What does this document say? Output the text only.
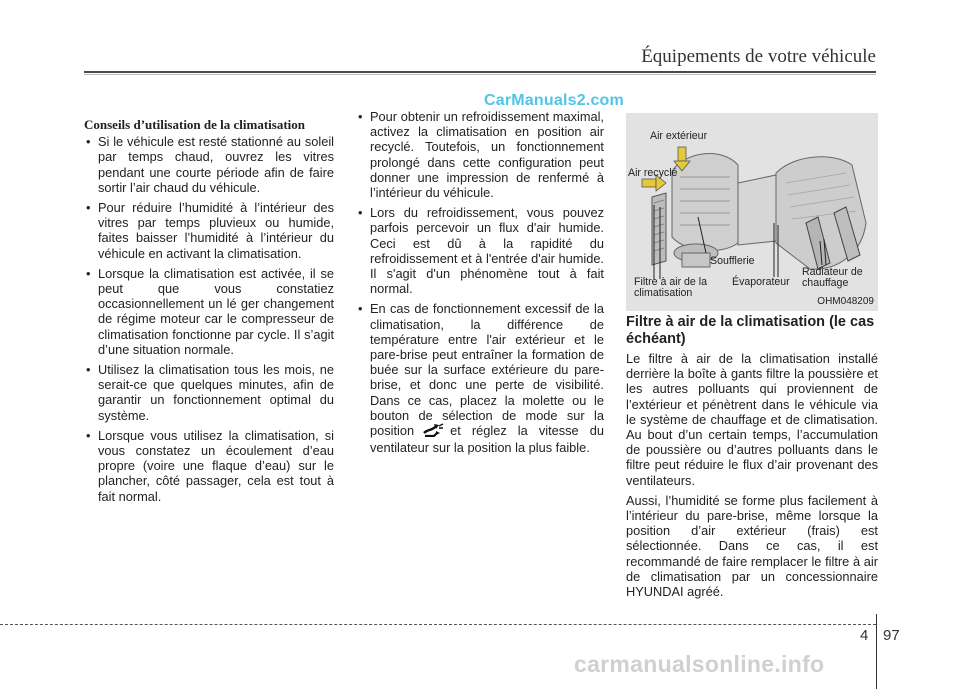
Équipements de votre véhicule
CarManuals2.com
Conseils d’utilisation de la climatisation
• Si le véhicule est resté stationné au soleil par temps chaud, ouvrez les vitres pendant une courte période afin de faire sortir l’air chaud du véhicule.
• Pour réduire l’humidité à l’intérieur des vitres par temps pluvieux ou humide, faites baisser l’humidité à l’intérieur du véhicule en activant la climatisation.
• Lorsque la climatisation est activée, il se peut que vous constatiez occasionnellement un lé ger changement de régime moteur car le compresseur de climatisation fonctionne par cycle. Il s’agit d’une situation normale.
• Utilisez la climatisation tous les mois, ne serait-ce que quelques minutes, afin de garantir un fonctionnement optimal du système.
• Lorsque vous utilisez la climatisation, si vous constatez un écoulement d’eau propre (voire une flaque d’eau) sur le plancher, côté passager, cela est tout à fait normal.
• Pour obtenir un refroidissement maximal, activez la climatisation en position air recyclé. Toutefois, un fonctionnement prolongé dans cette configuration peut donner une impression de renfermé à l’intérieur du véhicule.
• Lors du refroidissement, vous pouvez parfois percevoir un flux d'air humide. Ceci est dû à la rapidité du refroidissement et à l'entrée d'air humide. Il s'agit d'un phénomène tout à fait normal.
• En cas de fonctionnement excessif de la climatisation, la différence de température entre l'air extérieur et le pare-brise peut entraîner la formation de buée sur la surface extérieure du pare-brise, et donc une perte de visibilité. Dans ce cas, placez la molette ou le bouton de sélection de mode sur la position	et réglez la vitesse du ventilateur sur la position la plus faible.
Air extérieur
Air recyclé
Soufflerie
Filtre à air de la climatisation
Évaporateur
Radiateur de chauffage
OHM048209
Filtre à air de la climatisation (le cas échéant)

Le filtre à air de la climatisation installé derrière la boîte à gants filtre la poussière et les autres polluants qui proviennent de l’extérieur et pénètrent dans le véhicule via le système de chauffage et de climatisation. Au bout d’un certain temps, l’accumulation de poussière ou d’autres polluants dans le filtre peut réduire le flux d’air provenant des ventilateurs.

Aussi, l’humidité se forme plus facilement à l’intérieur du pare-brise, même lorsque la position d’air extérieur (frais) est sélectionnée. Dans ce cas, il est recommandé de faire remplacer le filtre à air de climatisation par un concessionnaire HYUNDAI agréé.

4 97
carmanualsonline.info
